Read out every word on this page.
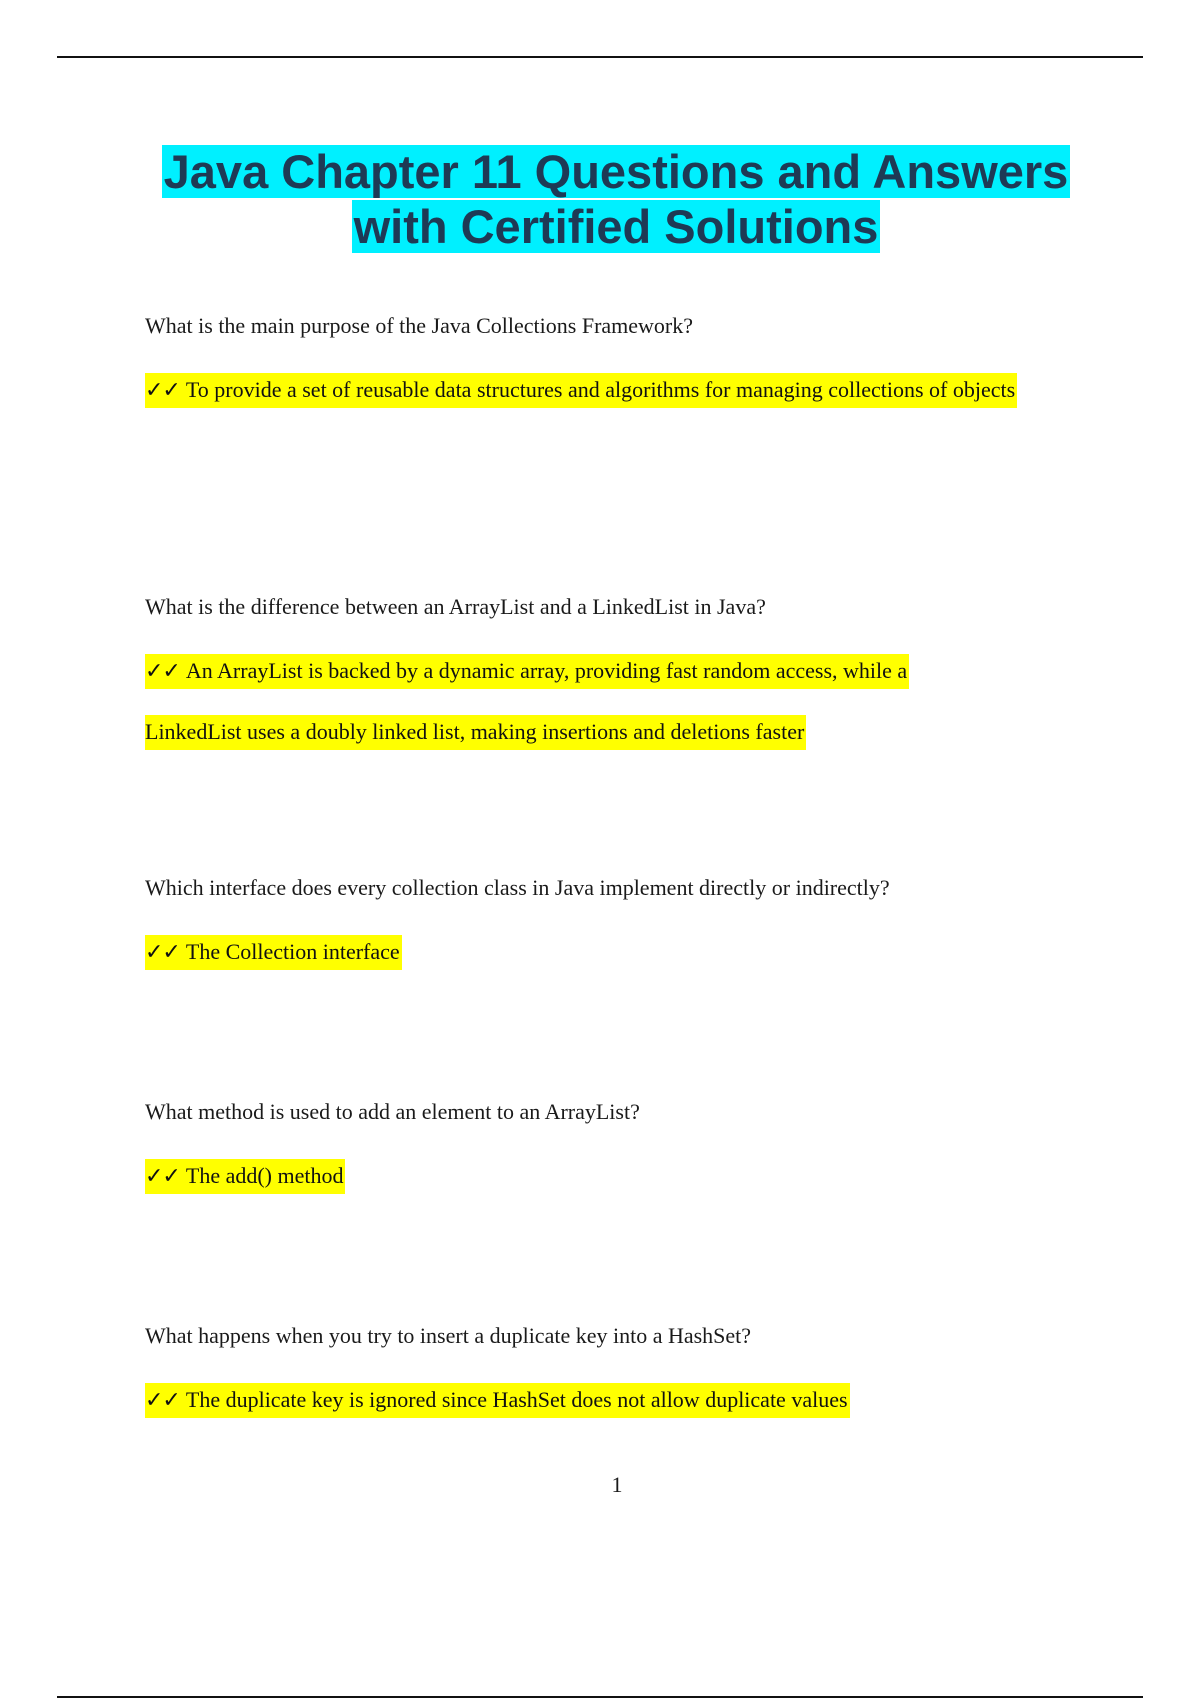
Java Chapter 11 Questions and Answers
with Certified Solutions

What is the main purpose of the Java Collections Framework?

✓✓ To provide a set of reusable data structures and algorithms for managing collections of objects

What is the difference between an ArrayList and a LinkedList in Java?

✓✓ An ArrayList is backed by a dynamic array, providing fast random access, while a LinkedList uses a doubly linked list, making insertions and deletions faster

Which interface does every collection class in Java implement directly or indirectly?

✓✓ The Collection interface

What method is used to add an element to an ArrayList?

✓✓ The add() method

What happens when you try to insert a duplicate key into a HashSet?

✓✓ The duplicate key is ignored since HashSet does not allow duplicate values

1
